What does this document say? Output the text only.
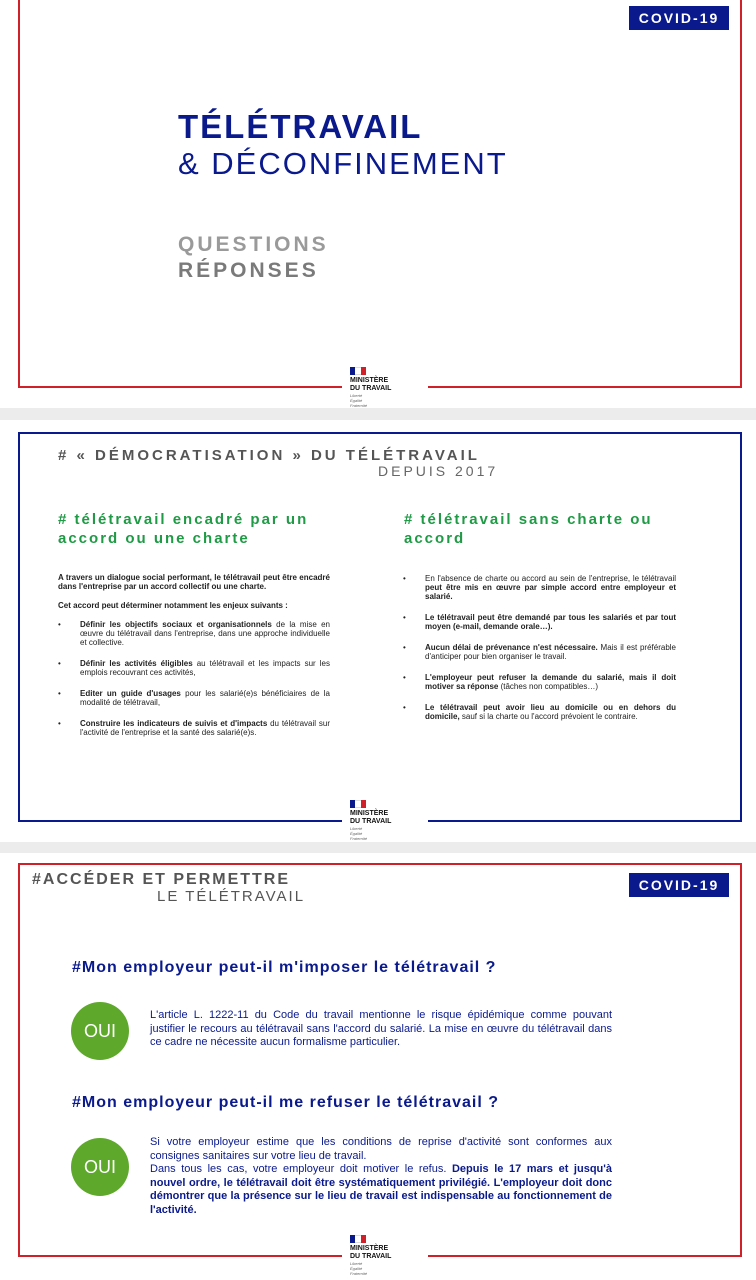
COVID-19
TÉLÉTRAVAIL
& DÉCONFINEMENT
QUESTIONS
RÉPONSES
MINISTÈRE
DU TRAVAIL
Liberté
Égalité
Fraternité
# « DÉMOCRATISATION » DU TÉLÉTRAVAIL
DEPUIS 2017
# télétravail encadré par un accord ou une charte
A travers un dialogue social performant, le télétravail peut être encadré dans l'entreprise par un accord collectif ou une charte.
Cet accord peut déterminer notamment les enjeux suivants :
• Définir les objectifs sociaux et organisationnels de la mise en œuvre du télétravail dans l'entreprise, dans une approche individuelle et collective.
• Définir les activités éligibles au télétravail et les impacts sur les emplois recouvrant ces activités,
• Editer un guide d'usages pour les salarié(e)s bénéficiaires de la modalité de télétravail,
• Construire les indicateurs de suivis et d'impacts du télétravail sur l'activité de l'entreprise et la santé des salarié(e)s.
# télétravail sans charte ou accord
• En l'absence de charte ou accord au sein de l'entreprise, le télétravail peut être mis en œuvre par simple accord entre employeur et salarié.
• Le télétravail peut être demandé par tous les salariés et par tout moyen (e-mail, demande orale…).
• Aucun délai de prévenance n'est nécessaire. Mais il est préférable d'anticiper pour bien organiser le travail.
• L'employeur peut refuser la demande du salarié, mais il doit motiver sa réponse (tâches non compatibles…)
• Le télétravail peut avoir lieu au domicile ou en dehors du domicile, sauf si la charte ou l'accord prévoient le contraire.
MINISTÈRE
DU TRAVAIL
Liberté
Égalité
Fraternité
#ACCÉDER ET PERMETTRE
LE TÉLÉTRAVAIL
COVID-19
#Mon employeur peut-il m'imposer le télétravail ?
OUI
L'article L. 1222-11 du Code du travail mentionne le risque épidémique comme pouvant justifier le recours au télétravail sans l'accord du salarié. La mise en œuvre du télétravail dans ce cadre ne nécessite aucun formalisme particulier.
#Mon employeur peut-il me refuser le télétravail ?
OUI
Si votre employeur estime que les conditions de reprise d'activité sont conformes aux consignes sanitaires sur votre lieu de travail.
Dans tous les cas, votre employeur doit motiver le refus. Depuis le 17 mars et jusqu'à nouvel ordre, le télétravail doit être systématiquement privilégié. L'employeur doit donc démontrer que la présence sur le lieu de travail est indispensable au fonctionnement de l'activité.
MINISTÈRE
DU TRAVAIL
Liberté
Égalité
Fraternité
